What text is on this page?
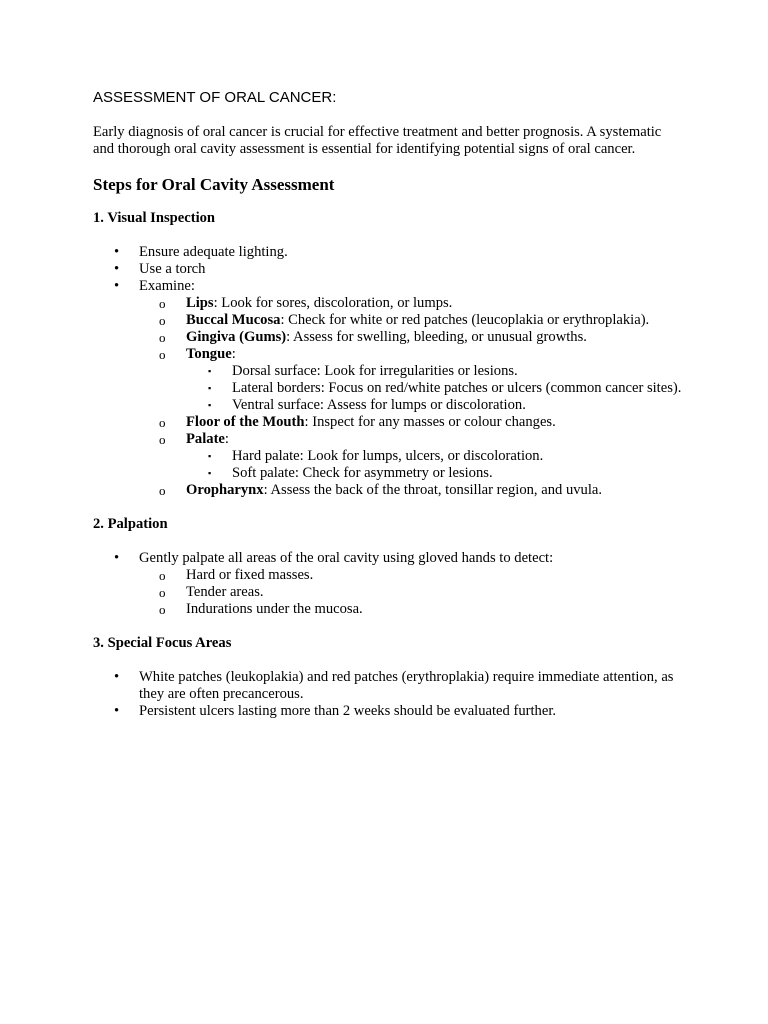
ASSESSMENT OF ORAL CANCER:

Early diagnosis of oral cancer is crucial for effective treatment and better prognosis. A systematic and thorough oral cavity assessment is essential for identifying potential signs of oral cancer.

Steps for Oral Cavity Assessment
1. Visual Inspection
• Ensure adequate lighting.
• Use a torch
• Examine:
o Lips: Look for sores, discoloration, or lumps.
o Buccal Mucosa: Check for white or red patches (leucoplakia or erythroplakia).
o Gingiva (Gums): Assess for swelling, bleeding, or unusual growths.
o Tongue:
▪ Dorsal surface: Look for irregularities or lesions.
▪ Lateral borders: Focus on red/white patches or ulcers (common cancer sites).
▪ Ventral surface: Assess for lumps or discoloration.
o Floor of the Mouth: Inspect for any masses or colour changes.
o Palate:
▪ Hard palate: Look for lumps, ulcers, or discoloration.
▪ Soft palate: Check for asymmetry or lesions.
o Oropharynx: Assess the back of the throat, tonsillar region, and uvula.
2. Palpation
• Gently palpate all areas of the oral cavity using gloved hands to detect:
o Hard or fixed masses.
o Tender areas.
o Indurations under the mucosa.
3. Special Focus Areas
• White patches (leukoplakia) and red patches (erythroplakia) require immediate attention, as they are often precancerous.
• Persistent ulcers lasting more than 2 weeks should be evaluated further.
